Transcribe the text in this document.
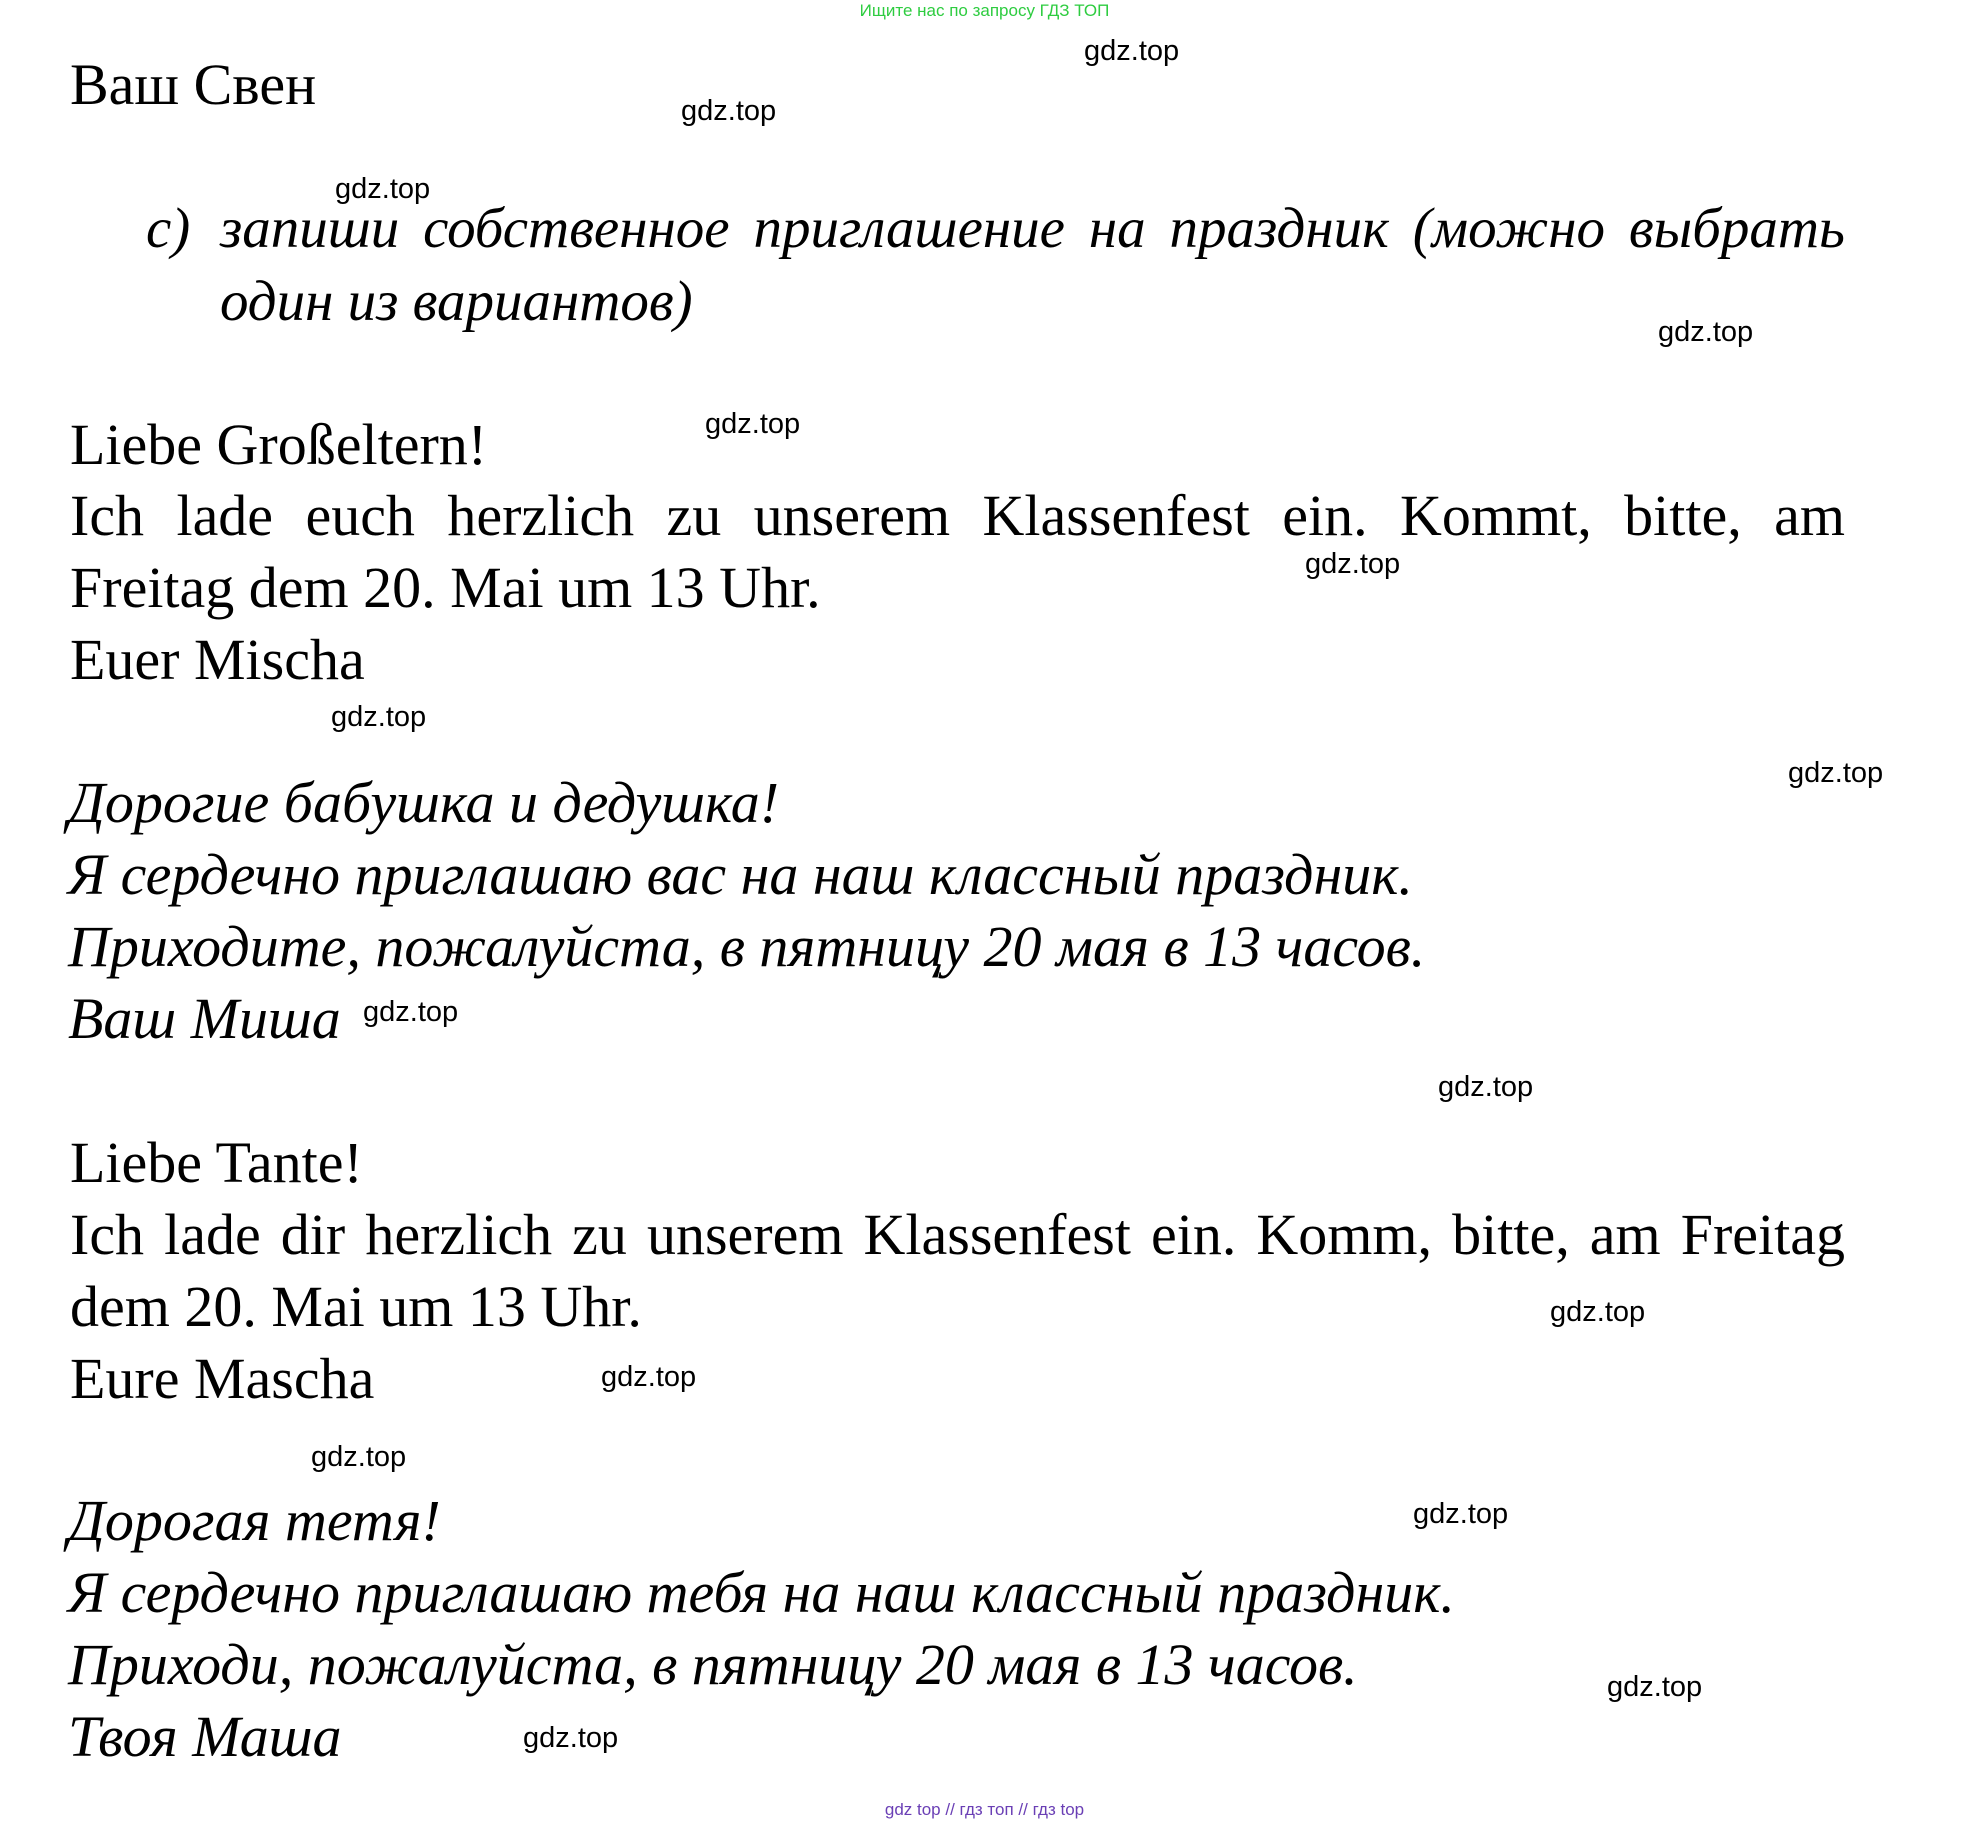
Ищите нас по запросу ГДЗ ТОП
Ваш Свен
c) запиши собственное приглашение на праздник (можно выбрать
один из вариантов)
Liebe Großeltern!
Ich lade euch herzlich zu unserem Klassenfest ein. Kommt, bitte, am
Freitag dem 20. Mai um 13 Uhr.
Euer Mischa
Дорогие бабушка и дедушка!
Я сердечно приглашаю вас на наш классный праздник.
Приходите, пожалуйста, в пятницу 20 мая в 13 часов.
Ваш Миша
Liebe Tante!
Ich lade dir herzlich zu unserem Klassenfest ein. Komm, bitte, am Freitag
dem 20. Mai um 13 Uhr.
Eure Mascha
Дорогая тетя!
Я сердечно приглашаю тебя на наш классный праздник.
Приходи, пожалуйста, в пятницу 20 мая в 13 часов.
Твоя Маша
gdz.top
gdz.top
gdz.top
gdz.top
gdz.top
gdz.top
gdz.top
gdz.top
gdz.top
gdz.top
gdz.top
gdz.top
gdz.top
gdz.top
gdz.top
gdz.top
gdz top // гдз топ // гдз top
